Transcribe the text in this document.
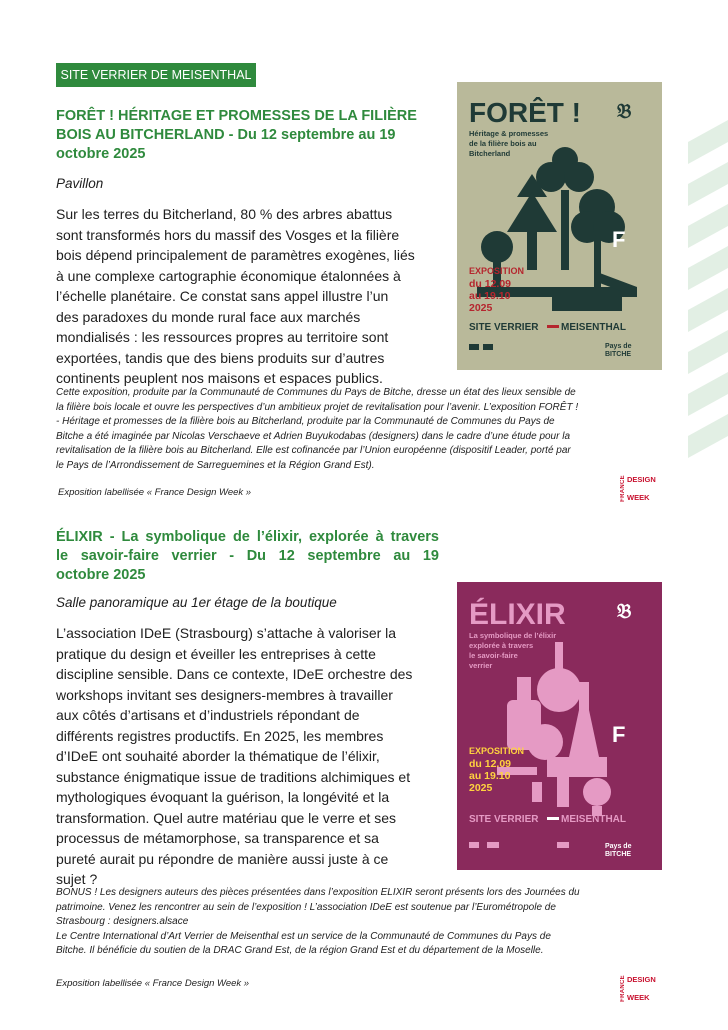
SITE VERRIER DE MEISENTHAL
FORÊT ! HÉRITAGE ET PROMESSES DE LA FILIÈRE
BOIS AU BITCHERLAND - Du 12 septembre au 19
octobre 2025

Pavillon

Sur les terres du Bitcherland, 80 % des arbres abattus
sont transformés hors du massif des Vosges et la filière
bois dépend principalement de paramètres exogènes, liés
à une complexe cartographie économique étalonnées à
l’échelle planétaire. Ce constat sans appel illustre l’un
des paradoxes du monde rural face aux marchés
mondialisés : les ressources propres au territoire sont
exportées, tandis que des biens produits sur d’autres
continents peuplent nos maisons et espaces publics.
FORÊT !
Héritage & promesses
de la filière bois au
Bitcherland
𝔅
F
EXPOSITION
du 12.09
au 19.10
2025
SITE VERRIER MEISENTHAL
Pays de
BITCHE
Cette exposition, produite par la Communauté de Communes du Pays de Bitche, dresse un état des lieux sensible de
la filière bois locale et ouvre les perspectives d’un ambitieux projet de revitalisation pour l’avenir. L’exposition FORÊT !
- Héritage et promesses de la filière bois au Bitcherland, produite par la Communauté de Communes du Pays de
Bitche a été imaginée par Nicolas Verschaeve et Adrien Buyukodabas (designers) dans le cadre d’une étude pour la
revitalisation de la filière bois au Bitcherland. Elle est cofinancée par l’Union européenne (dispositif Leader, porté par
le Pays de l’Arrondissement de Sarreguemines et la Région Grand Est).

Exposition labellisée « France Design Week »	FRANCE DESIGN
WEEK
ÉLIXIR - La symbolique de l’élixir, explorée à travers
le savoir-faire verrier - Du 12 septembre au 19
octobre 2025

Salle panoramique au 1er étage de la boutique

L’association IDeE (Strasbourg) s’attache à valoriser la
pratique du design et éveiller les entreprises à cette
discipline sensible. Dans ce contexte, IDeE orchestre des
workshops invitant ses designers-membres à travailler
aux côtés d’artisans et d’industriels répondant de
différents registres productifs. En 2025, les membres
d’IDeE ont souhaité aborder la thématique de l’élixir,
substance énigmatique issue de traditions alchimiques et
mythologiques évoquant la guérison, la longévité et la
transformation. Quel autre matériau que le verre et ses
processus de métamorphose, sa transparence et sa
pureté aurait pu répondre de manière aussi juste à ce
sujet ?
ÉLIXIR
La symbolique de l’élixir
explorée à travers
le savoir-faire
verrier
𝔅
F
EXPOSITION
du 12.09
au 19.10
2025
SITE VERRIER MEISENTHAL
Pays de
BITCHE
BONUS ! Les designers auteurs des pièces présentées dans l’exposition ELIXIR seront présents lors des Journées du
patrimoine. Venez les rencontrer au sein de l’exposition ! L’association IDeE est soutenue par l’Eurométropole de
Strasbourg : designers.alsace
Le Centre International d’Art Verrier de Meisenthal est un service de la Communauté de Communes du Pays de
Bitche. Il bénéficie du soutien de la DRAC Grand Est, de la région Grand Est et du département de la Moselle.

Exposition labellisée « France Design Week »	FRANCE DESIGN
WEEK
